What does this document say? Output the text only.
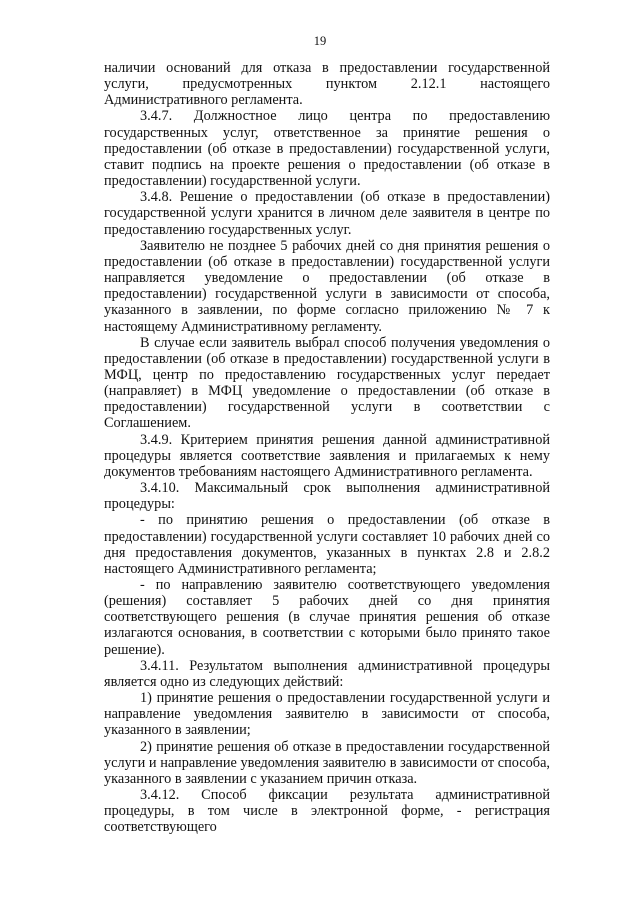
19

наличии оснований для отказа в предоставлении государственной услуги, предусмотренных пунктом 2.12.1 настоящего Административного регламента.

3.4.7. Должностное лицо центра по предоставлению государственных услуг, ответственное за принятие решения о предоставлении (об отказе в предоставлении) государственной услуги, ставит подпись на проекте решения о предоставлении (об отказе в предоставлении) государственной услуги.

3.4.8. Решение о предоставлении (об отказе в предоставлении) государственной услуги хранится в личном деле заявителя в центре по предоставлению государственных услуг.

Заявителю не позднее 5 рабочих дней со дня принятия решения о предоставлении (об отказе в предоставлении) государственной услуги направляется уведомление о предоставлении (об отказе в предоставлении) государственной услуги в зависимости от способа, указанного в заявлении, по форме согласно приложению № 7 к настоящему Административному регламенту.

В случае если заявитель выбрал способ получения уведомления о предоставлении (об отказе в предоставлении) государственной услуги в МФЦ, центр по предоставлению государственных услуг передает (направляет) в МФЦ уведомление о предоставлении (об отказе в предоставлении) государственной услуги в соответствии с Соглашением.

3.4.9. Критерием принятия решения данной административной процедуры является соответствие заявления и прилагаемых к нему документов требованиям настоящего Административного регламента.

3.4.10. Максимальный срок выполнения административной процедуры:

- по принятию решения о предоставлении (об отказе в предоставлении) государственной услуги составляет 10 рабочих дней со дня предоставления документов, указанных в пунктах 2.8 и 2.8.2 настоящего Административного регламента;

- по направлению заявителю соответствующего уведомления (решения) составляет 5 рабочих дней со дня принятия соответствующего решения (в случае принятия решения об отказе излагаются основания, в соответствии с которыми было принято такое решение).

3.4.11. Результатом выполнения административной процедуры является одно из следующих действий:

1) принятие решения о предоставлении государственной услуги и направление уведомления заявителю в зависимости от способа, указанного в заявлении;

2) принятие решения об отказе в предоставлении государственной услуги и направление уведомления заявителю в зависимости от способа, указанного в заявлении с указанием причин отказа.

3.4.12. Способ фиксации результата административной процедуры, в том числе в электронной форме, - регистрация соответствующего
